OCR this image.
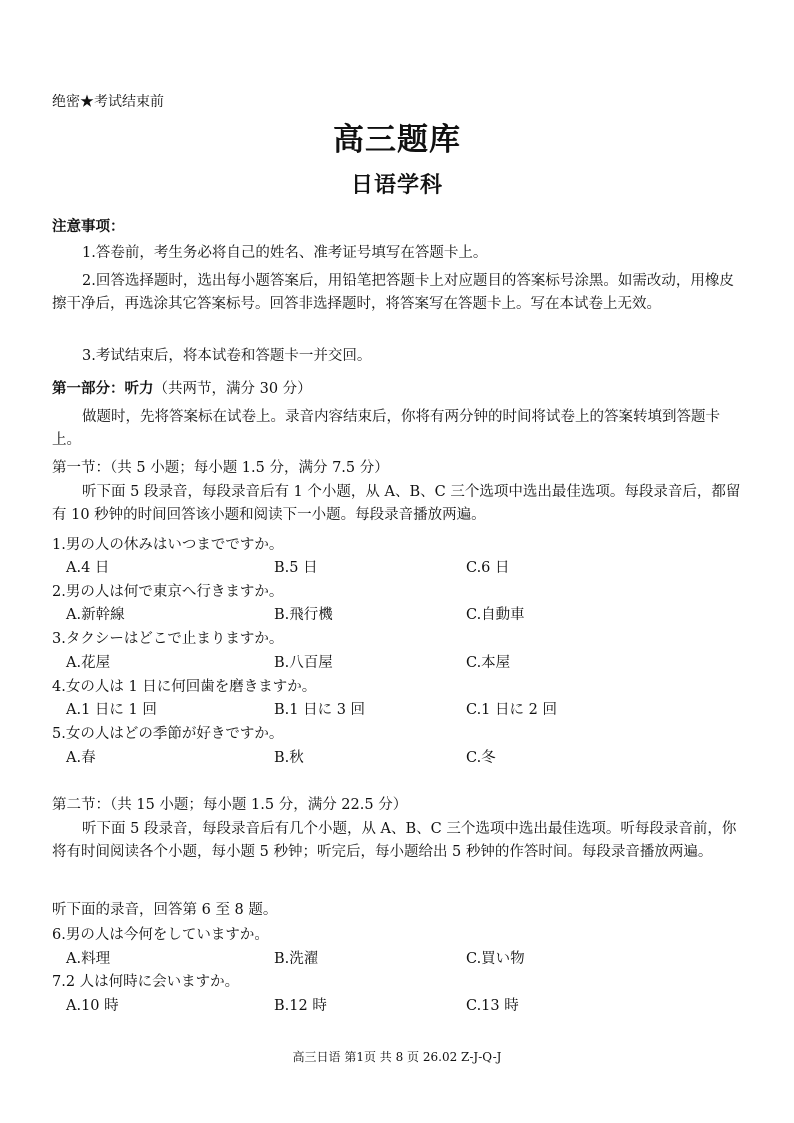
绝密★考试结束前
高三题库
日语学科
注意事项：
1.答卷前，考生务必将自己的姓名、准考证号填写在答题卡上。
2.回答选择题时，选出每小题答案后，用铅笔把答题卡上对应题目的答案标号涂黑。如需改动，用橡皮擦干净后，再选涂其它答案标号。回答非选择题时，将答案写在答题卡上。写在本试卷上无效。
3.考试结束后，将本试卷和答题卡一并交回。
第一部分：听力（共两节，满分 30 分）
做题时，先将答案标在试卷上。录音内容结束后，你将有两分钟的时间将试卷上的答案转填到答题卡上。
第一节：（共 5 小题；每小题 1.5 分，满分 7.5 分）
听下面 5 段录音，每段录音后有 1 个小题，从 A、B、C 三个选项中选出最佳选项。每段录音后，都留有 10 秒钟的时间回答该小题和阅读下一小题。每段录音播放两遍。
1.男の人の休みはいつまでですか。
A.4 日	B.5 日	C.6 日
2.男の人は何で東京へ行きますか。
A.新幹線	B.飛行機	C.自動車
3.タクシーはどこで止まりますか。
A.花屋	B.八百屋	C.本屋
4.女の人は 1 日に何回歯を磨きますか。
A.1 日に 1 回	B.1 日に 3 回	C.1 日に 2 回
5.女の人はどの季節が好きですか。
A.春	B.秋	C.冬
第二节：（共 15 小题；每小题 1.5 分，满分 22.5 分）
听下面 5 段录音，每段录音后有几个小题，从 A、B、C 三个选项中选出最佳选项。听每段录音前，你将有时间阅读各个小题，每小题 5 秒钟；听完后，每小题给出 5 秒钟的作答时间。每段录音播放两遍。
听下面的录音，回答第 6 至 8 题。
6.男の人は今何をしていますか。
A.料理	B.洗濯	C.買い物
7.2 人は何時に会いますか。
A.10 時	B.12 時	C.13 時
高三日语 第1页 共 8 页 26.02 Z-J-Q-J
